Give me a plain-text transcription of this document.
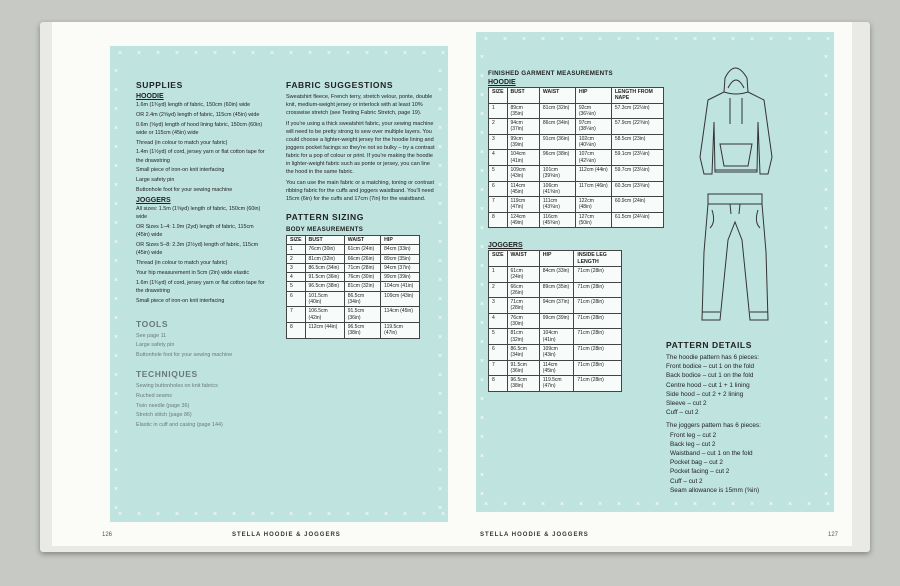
×
×
×
×
×
×
×
×
×
×
×
×
×
×
×
×
×
×
×
×
×
×
×
×
×
×
×
×
×
×
×
×
×
×
×
×
×	×
×	×
×	×
×	×
×	×
×	×
×	×
×	×
×	×
×	×
×	×
×	×
×	×
×	×
×	×
×	×
×	×
×	×
×	×
×	×
×	×
×	×
×	×
×	×
SUPPLIES
HOODIE
1.6m (1¾yd) length of fabric, 150cm (60in) wide
OR 2.4m (2⅝yd) length of fabric, 115cm (45in) wide
0.6m (⅝yd) length of hood lining fabric, 150cm (60in) wide or 115cm (45in) wide
Thread (in colour to match your fabric)
1.4m (1½yd) of cord, jersey yarn or flat cotton tape for the drawstring
Small piece of iron-on knit interfacing
Large safety pin
Buttonhole foot for your sewing machine
JOGGERS
All sizes: 1.5m (1⅝yd) length of fabric, 150cm (60in) wide
OR Sizes 1–4: 1.9m (2yd) length of fabric, 115cm (45in) wide
OR Sizes 5–8: 2.3m (2½yd) length of fabric, 115cm (45in) wide
Thread (in colour to match your fabric)
Your hip measurement in 5cm (2in) wide elastic
1.6m (1¾yd) of cord, jersey yarn or flat cotton tape for the drawstring
Small piece of iron-on knit interfacing
TOOLS
See page 11
Large safety pin
Buttonhole foot for your sewing machine
TECHNIQUES
Sewing buttonholes on knit fabrics
Ruched seams
Twin needle (page 36)
Stretch stitch (page 86)
Elastic in cuff and casing (page 144)
FABRIC SUGGESTIONS

Sweatshirt fleece, French terry, stretch velour, ponte, double knit, medium-weight jersey or interlock with at least 10% crosswise stretch (see Testing Fabric Stretch, page 19).

If you're using a thick sweatshirt fabric, your sewing machine will need to be pretty strong to sew over multiple layers. You could choose a lighter-weight jersey for the hoodie lining and joggers pocket facings so they're not so bulky – try a contrast fabric for a pop of colour or print. If you're making the hoodie in lighter-weight fabric such as ponte or jersey, you can line the hood in the same fabric.

You can use the main fabric or a matching, toning or contrast ribbing fabric for the cuffs and joggers waistband. You'll need 15cm (6in) for the cuffs and 17cm (7in) for the waistband.

PATTERN SIZING
BODY MEASUREMENTS
SIZE	BUST	WAIST	HIP
1	76cm (30in)	61cm (24in)	84cm (33in)
2	81cm (32in)	66cm (26in)	89cm (35in)
3	86.5cm (34in)	71cm (28in)	94cm (37in)
4	91.5cm (36in)	76cm (30in)	99cm (39in)
5	96.5cm (38in)	81cm (32in)	104cm (41in)
6	101.5cm (40in)	86.5cm (34in)	109cm (43in)
7	106.5cm (42in)	91.5cm (36in)	114cm (45in)
8	112cm (44in)	96.5cm (38in)	119.5cm (47in)
STELLA HOODIE & JOGGERS
126
×
×
×
×
×
×
×
×
×
×
×
×
×
×
×
×
×
×
×
×
×
×
×
×
×
×
×
×
×
×
×
×
×
×
×
×
×
×
×	×
×	×
×	×
×	×
×	×
×	×
×	×
×	×
×	×
×	×
×	×
×	×
×	×
×	×
×	×
×	×
×	×
×	×
×	×
×	×
×	×
×	×
×	×
×	×
FINISHED GARMENT MEASUREMENTS
HOODIE
SIZE	BUST	WAIST	HIP	LENGTH FROM NAPE
1	89cm (35in)	81cm (32in)	92cm (36¼in)	57.3cm (22½in)
2	94cm (37in)	86cm (34in)	97cm (38¼in)	57.9cm (22¾in)
3	99cm (39in)	91cm (36in)	102cm (40¼in)	58.5cm (23in)
4	104cm (41in)	96cm (38in)	107cm (42¼in)	59.1cm (23¼in)
5	109cm (43in)	101cm (39¾in)	112cm (44in)	59.7cm (23½in)
6	114cm (45in)	106cm (41¾in)	117cm (46in)	60.3cm (23¾in)
7	119cm (47in)	111cm (43¾in)	122cm (48in)	60.9cm (24in)
8	124cm (49in)	116cm (45¾in)	127cm (50in)	61.5cm (24¼in)
JOGGERS
SIZE	WAIST	HIP	INSIDE LEG LENGTH
1	61cm (24in)	84cm (33in)	71cm (28in)
2	66cm (26in)	89cm (35in)	71cm (28in)
3	71cm (28in)	94cm (37in)	71cm (28in)
4	76cm (30in)	99cm (39in)	71cm (28in)
5	81cm (32in)	104cm (41in)	71cm (28in)
6	86.5cm (34in)	109cm (43in)	71cm (28in)
7	91.5cm (36in)	114cm (45in)	71cm (28in)
8	96.5cm (38in)	119.5cm (47in)	71cm (28in)
PATTERN DETAILS
The hoodie pattern has 6 pieces:
Front bodice – cut 1 on the fold
Back bodice – cut 1 on the fold
Centre hood – cut 1 + 1 lining
Side hood – cut 2 + 2 lining
Sleeve – cut 2
Cuff – cut 2
The joggers pattern has 6 pieces:
Front leg – cut 2
Back leg – cut 2
Waistband – cut 1 on the fold
Pocket bag – cut 2
Pocket facing – cut 2
Cuff – cut 2
Seam allowance is 15mm (⅝in)
STELLA HOODIE & JOGGERS	127
